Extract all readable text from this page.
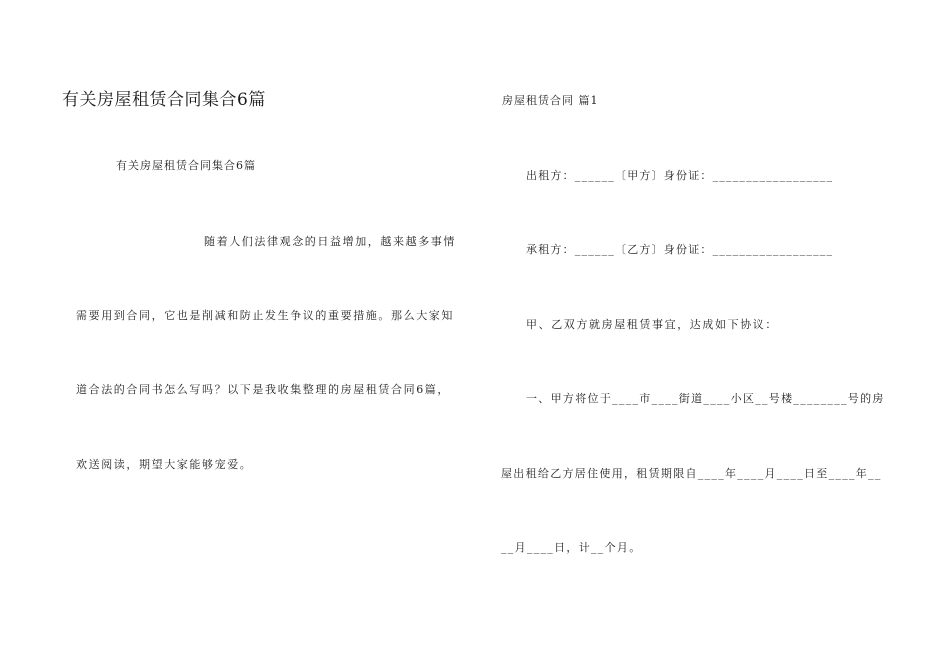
有关房屋租赁合同集合6篇
有关房屋租赁合同集合6篇
随着人们法律观念的日益增加，越来越多事情
需要用到合同，它也是削减和防止发生争议的重要措施。那么大家知
道合法的合同书怎么写吗？以下是我收集整理的房屋租赁合同6篇，
欢送阅读，期望大家能够宠爱。
房屋租赁合同 篇1
出租方：______〔甲方〕身份证：__________________
承租方：______〔乙方〕身份证：__________________
甲、乙双方就房屋租赁事宜，达成如下协议：
一、甲方将位于____市____街道____小区__号楼________号的房
屋出租给乙方居住使用，租赁期限自____年____月____日至____年__
__月____日，计__个月。
